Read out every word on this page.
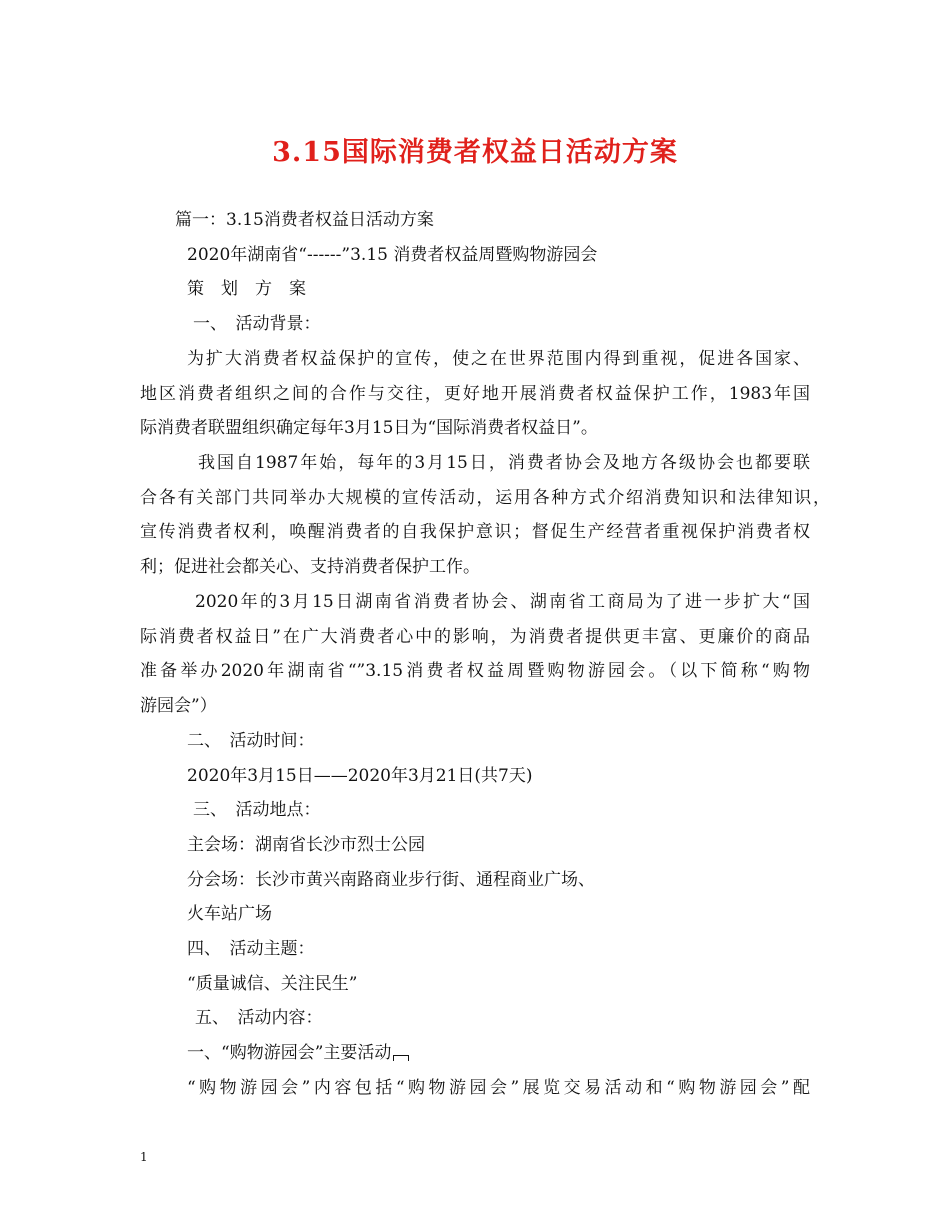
3.15国际消费者权益日活动方案
篇一：3.15消费者权益日活动方案
2020年湖南省“------”3.15 消费者权益周暨购物游园会
策　划　方　案
一、　活动背景：
为扩大消费者权益保护的宣传，使之在世界范围内得到重视，促进各国家、
地区消费者组织之间的合作与交往，更好地开展消费者权益保护工作，1983年国
际消费者联盟组织确定每年3月15日为“国际消费者权益日”。
我国自1987年始，每年的3月15日，消费者协会及地方各级协会也都要联
合各有关部门共同举办大规模的宣传活动，运用各种方式介绍消费知识和法律知识，
宣传消费者权利，唤醒消费者的自我保护意识；督促生产经营者重视保护消费者权
利；促进社会都关心、支持消费者保护工作。
2020年的3月15日湖南省消费者协会、湖南省工商局为了进一步扩大“国
际消费者权益日”在广大消费者心中的影响，为消费者提供更丰富、更廉价的商品
准备举办2020年湖南省“”3.15消费者权益周暨购物游园会。（以下简称“购物
游园会”）
二、　活动时间：
2020年3月15日——2020年3月21日(共7天)
三、　活动地点：
主会场：湖南省长沙市烈士公园
分会场：长沙市黄兴南路商业步行街、通程商业广场、
火车站广场
四、　活动主题：
“质量诚信、关注民生”
五、　活动内容：
一、“购物游园会”主要活动
“购物游园会”内容包括“购物游园会”展览交易活动和“购物游园会”配
1
